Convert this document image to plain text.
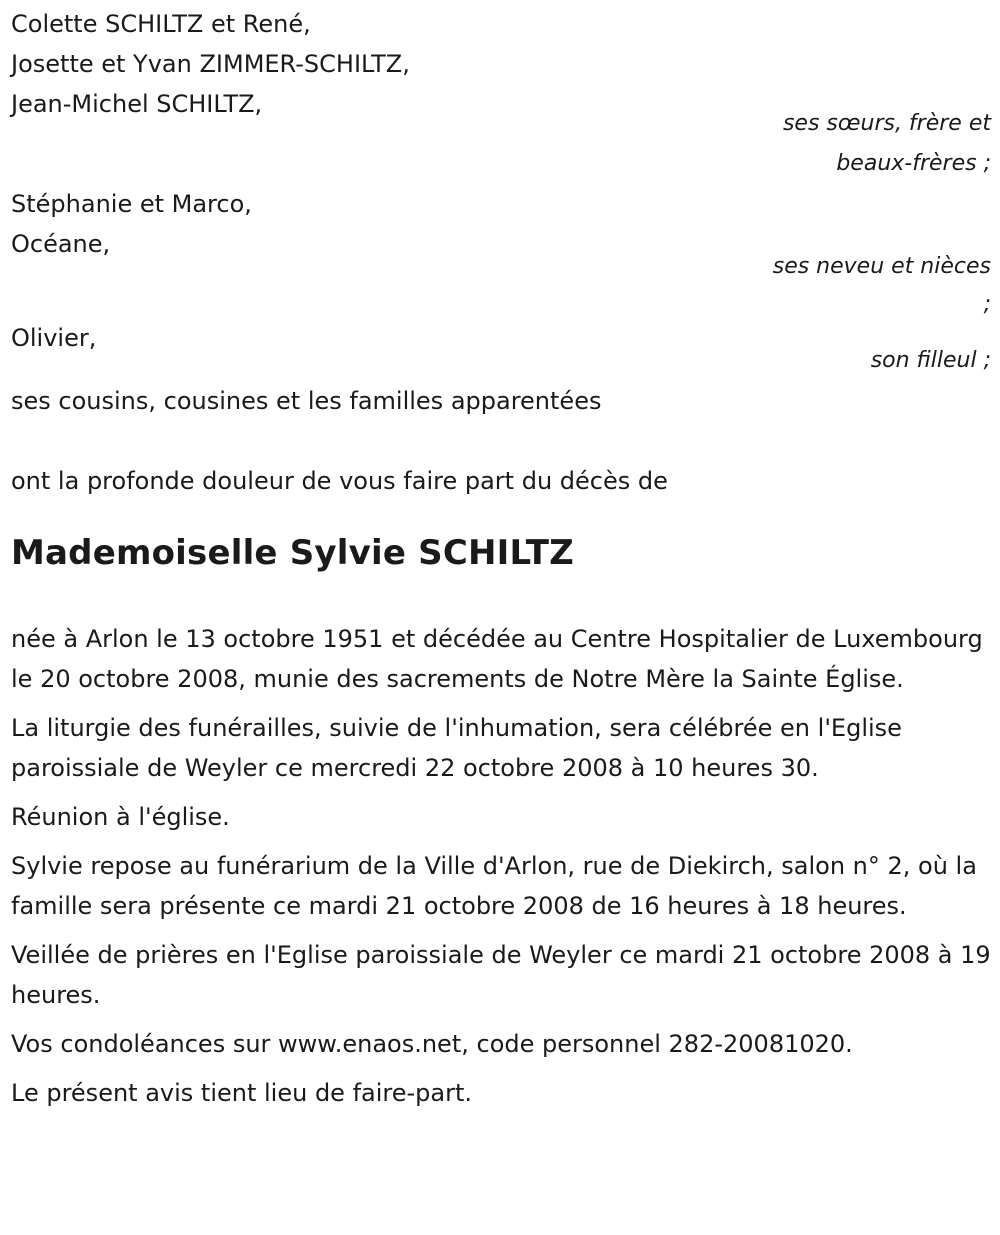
Colette SCHILTZ et René,
Josette et Yvan ZIMMER-SCHILTZ,
Jean-Michel SCHILTZ,
ses sœurs, frère et
beaux-frères ;
Stéphanie et Marco,
Océane,
ses neveu et nièces
;
Olivier,
son filleul ;
ses cousins, cousines et les familles apparentées
ont la profonde douleur de vous faire part du décès de
Mademoiselle Sylvie SCHILTZ

née à Arlon le 13 octobre 1951 et décédée au Centre Hospitalier de Luxembourg le 20 octobre 2008, munie des sacrements de Notre Mère la Sainte Église.

La liturgie des funérailles, suivie de l'inhumation, sera célébrée en l'Eglise paroissiale de Weyler ce mercredi 22 octobre 2008 à 10 heures 30.

Réunion à l'église.

Sylvie repose au funérarium de la Ville d'Arlon, rue de Diekirch, salon n° 2, où la famille sera présente ce mardi 21 octobre 2008 de 16 heures à 18 heures.

Veillée de prières en l'Eglise paroissiale de Weyler ce mardi 21 octobre 2008 à 19 heures.

Vos condoléances sur www.enaos.net, code personnel 282-20081020.

Le présent avis tient lieu de faire-part.
